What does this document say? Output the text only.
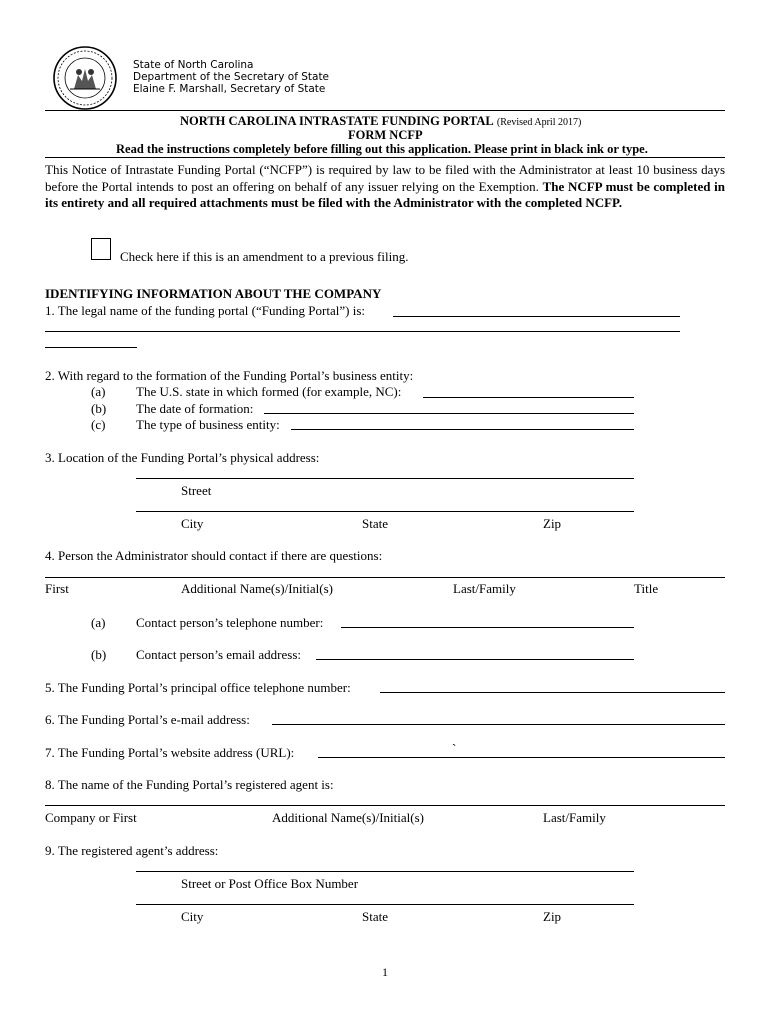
State of North Carolina
Department of the Secretary of State
Elaine F. Marshall, Secretary of State
NORTH CAROLINA INTRASTATE FUNDING PORTAL (Revised April 2017)
FORM NCFP
Read the instructions completely before filling out this application. Please print in black ink or type.
This Notice of Intrastate Funding Portal (“NCFP”) is required by law to be filed with the Administrator at least 10 business days before the Portal intends to post an offering on behalf of any issuer relying on the Exemption. The NCFP must be completed in its entirety and all required attachments must be filed with the Administrator with the completed NCFP.
Check here if this is an amendment to a previous filing.
IDENTIFYING INFORMATION ABOUT THE COMPANY
1. The legal name of the funding portal (“Funding Portal”) is:
2. With regard to the formation of the Funding Portal’s business entity:
(a) The U.S. state in which formed (for example, NC):
(b) The date of formation:
(c) The type of business entity:
3. Location of the Funding Portal’s physical address:
Street
City	State	Zip
4. Person the Administrator should contact if there are questions:
First	Additional Name(s)/Initial(s)	Last/Family	Title
(a) Contact person’s telephone number:
(b) Contact person’s email address:
5. The Funding Portal’s principal office telephone number:
6. The Funding Portal’s e-mail address:
7. The Funding Portal’s website address (URL):	`
8. The name of the Funding Portal’s registered agent is:
Company or First	Additional Name(s)/Initial(s)	Last/Family
9. The registered agent’s address:
Street or Post Office Box Number
City	State	Zip
1
